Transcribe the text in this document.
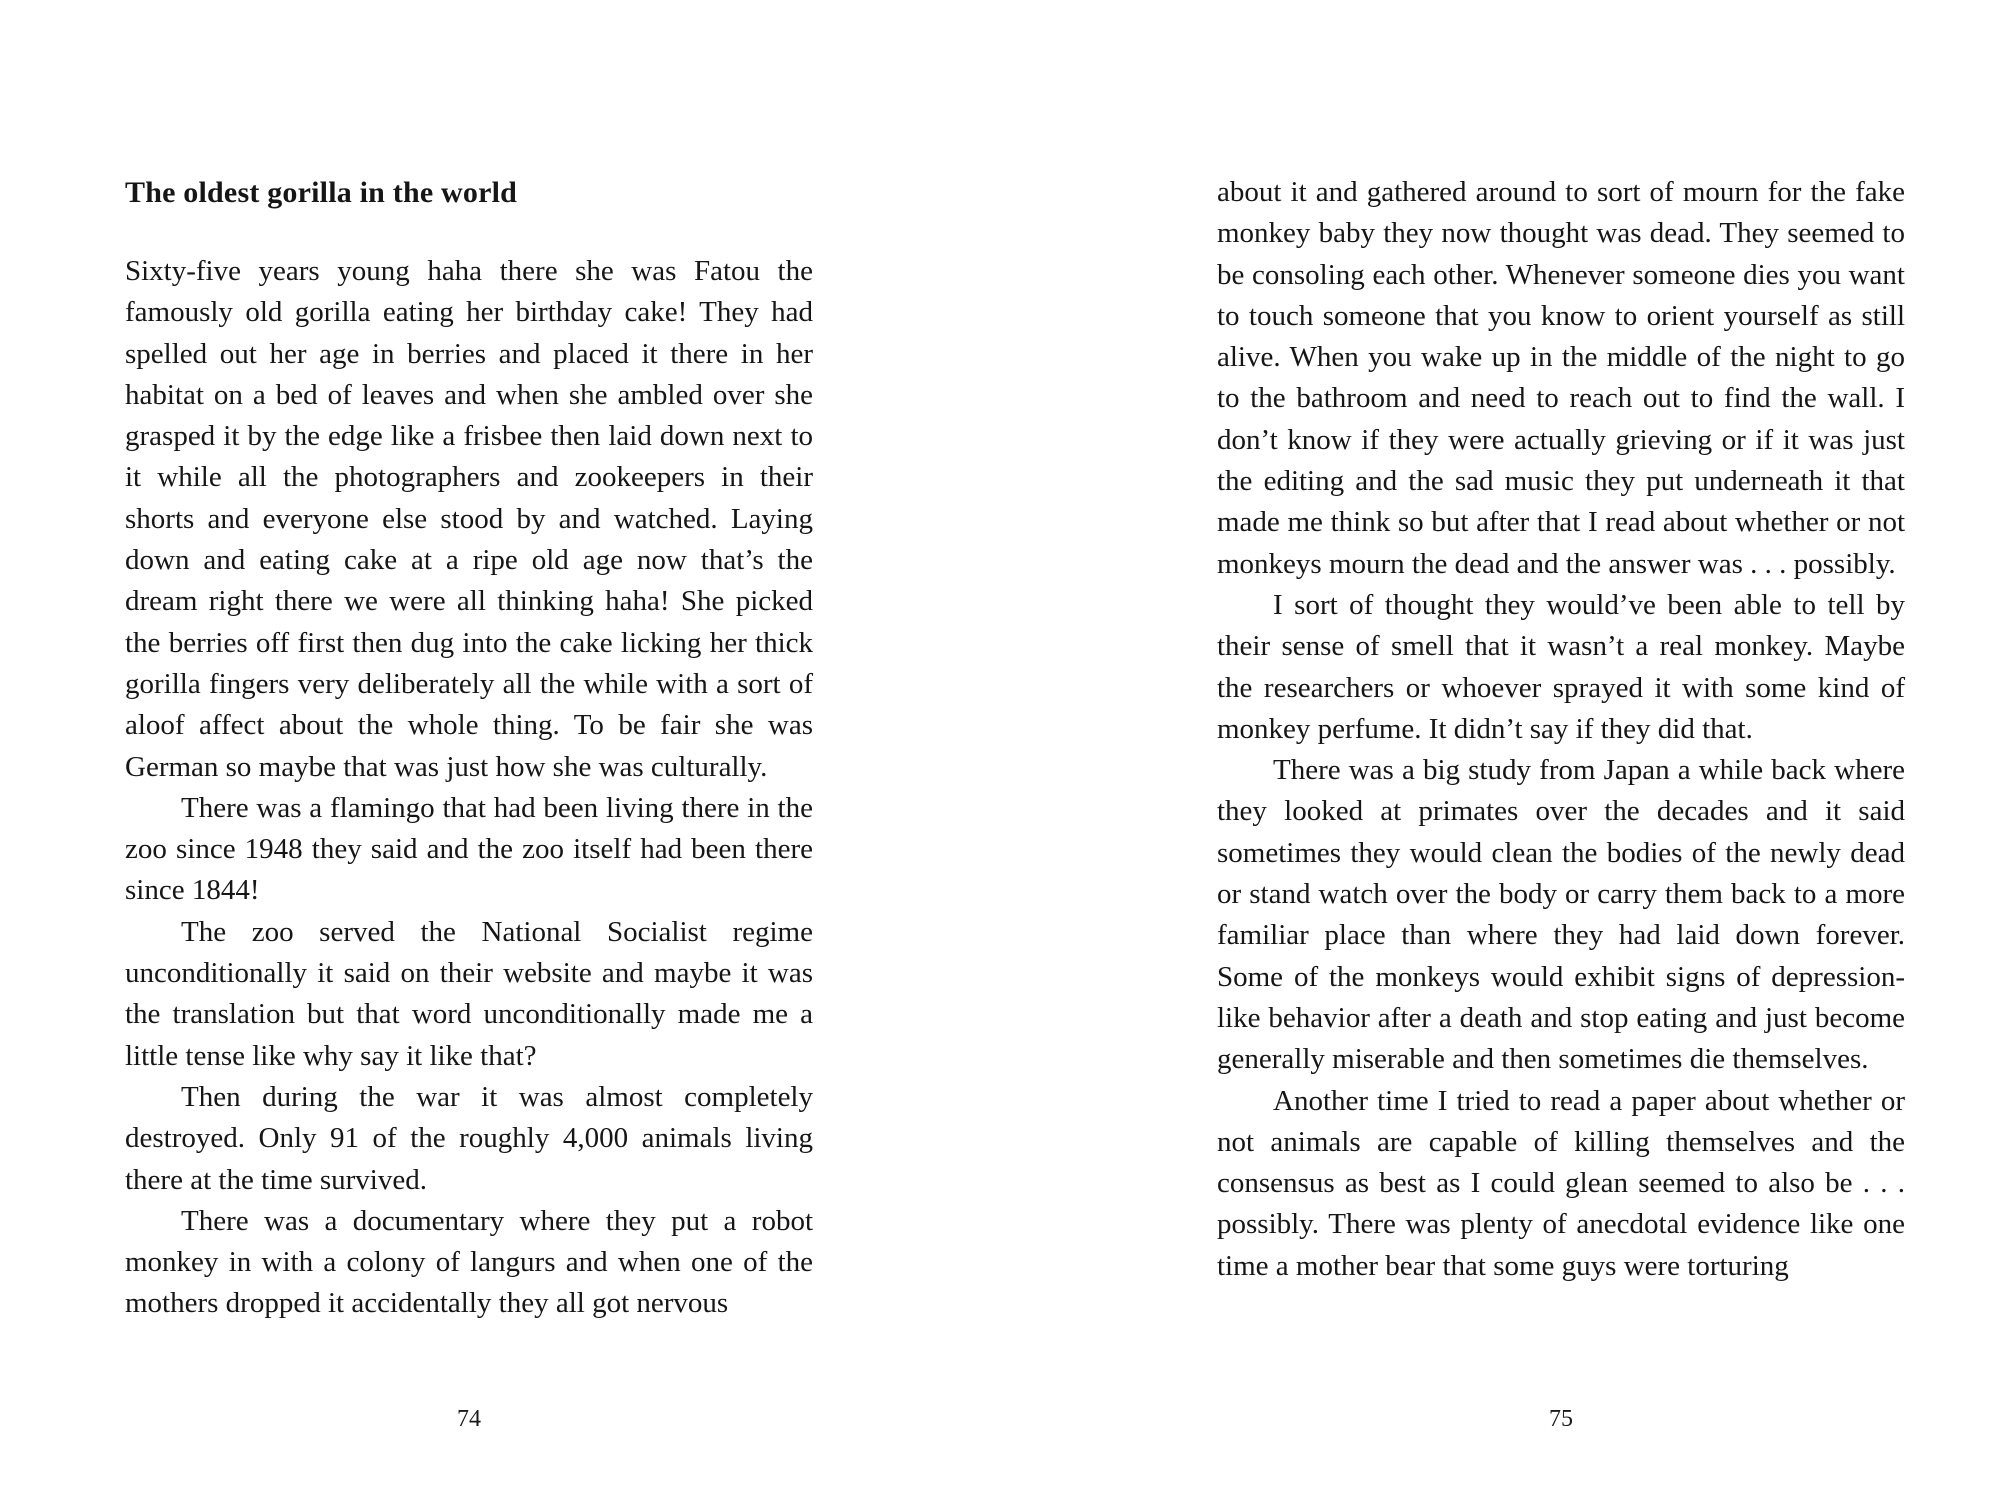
The oldest gorilla in the world

Sixty-five years young haha there she was Fatou the famously old gorilla eating her birthday cake! They had spelled out her age in berries and placed it there in her habitat on a bed of leaves and when she ambled over she grasped it by the edge like a frisbee then laid down next to it while all the photographers and zookeepers in their shorts and everyone else stood by and watched. Laying down and eating cake at a ripe old age now that’s the dream right there we were all thinking haha! She picked the berries off first then dug into the cake licking her thick gorilla fingers very deliberately all the while with a sort of aloof affect about the whole thing. To be fair she was German so maybe that was just how she was culturally.

There was a flamingo that had been living there in the zoo since 1948 they said and the zoo itself had been there since 1844!

The zoo served the National Socialist regime unconditionally it said on their website and maybe it was the translation but that word unconditionally made me a little tense like why say it like that?

Then during the war it was almost completely destroyed. Only 91 of the roughly 4,000 animals living there at the time survived.

There was a documentary where they put a robot monkey in with a colony of langurs and when one of the mothers dropped it accidentally they all got nervous

74

about it and gathered around to sort of mourn for the fake monkey baby they now thought was dead. They seemed to be consoling each other. Whenever someone dies you want to touch someone that you know to orient yourself as still alive. When you wake up in the middle of the night to go to the bathroom and need to reach out to find the wall. I don’t know if they were actually grieving or if it was just the editing and the sad music they put underneath it that made me think so but after that I read about whether or not monkeys mourn the dead and the answer was . . . possibly.

I sort of thought they would’ve been able to tell by their sense of smell that it wasn’t a real monkey. Maybe the researchers or whoever sprayed it with some kind of monkey perfume. It didn’t say if they did that.

There was a big study from Japan a while back where they looked at primates over the decades and it said sometimes they would clean the bodies of the newly dead or stand watch over the body or carry them back to a more familiar place than where they had laid down forever. Some of the monkeys would exhibit signs of depression-like behavior after a death and stop eating and just become generally miserable and then sometimes die themselves.

Another time I tried to read a paper about whether or not animals are capable of killing themselves and the consensus as best as I could glean seemed to also be . . . possibly. There was plenty of anecdotal evidence like one time a mother bear that some guys were torturing

75
